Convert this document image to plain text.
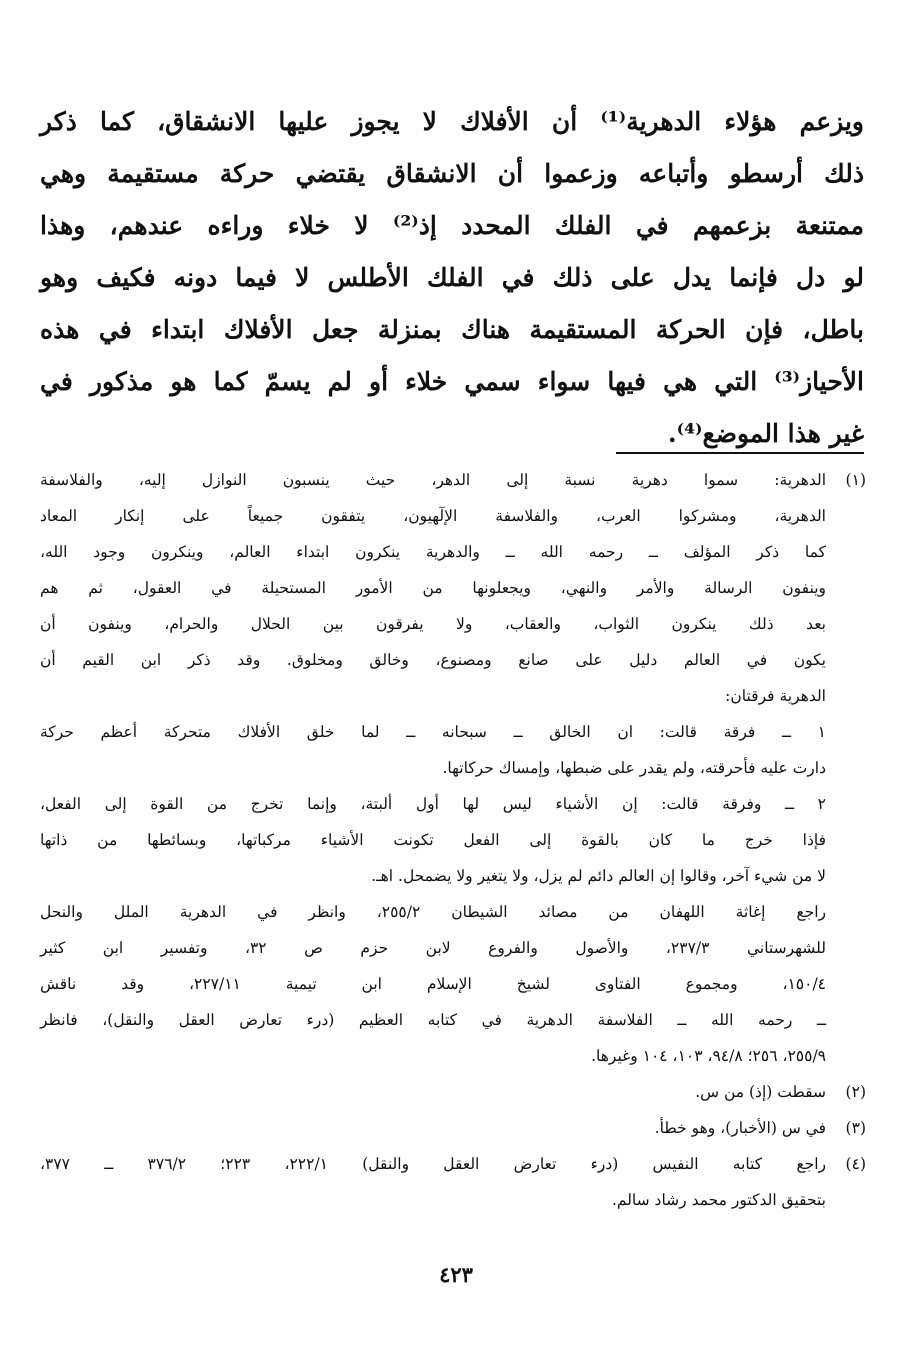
ويزعم هؤلاء الدهرية⁽¹⁾ أن الأفلاك لا يجوز عليها الانشقاق، كما ذكر
ذلك أرسطو وأتباعه وزعموا أن الانشقاق يقتضي حركة مستقيمة وهي
ممتنعة بزعمهم في الفلك المحدد إذ⁽²⁾ لا خلاء وراءه عندهم، وهذا
لو دل فإنما يدل على ذلك في الفلك الأطلس لا فيما دونه فكيف وهو
باطل، فإن الحركة المستقيمة هناك بمنزلة جعل الأفلاك ابتداء في هذه
الأحياز⁽³⁾ التي هي فيها سواء سمي خلاء أو لم يسمّ كما هو مذكور في
غير هذا الموضع⁽⁴⁾.
(١)
الدهرية: سموا دهرية نسبة إلى الدهر، حيث ينسبون النوازل إليه، والفلاسفة
الدهرية، ومشركوا العرب، والفلاسفة الإلٓهيون، يتفقون جميعاً على إنكار المعاد
كما ذكر المؤلف ــ رحمه الله ــ والدهرية ينكرون ابتداء العالم، وينكرون وجود الله،
وينفون الرسالة والأمر والنهي، ويجعلونها من الأمور المستحيلة في العقول، ثم هم
بعد ذلك ينكرون الثواب، والعقاب، ولا يفرقون بين الحلال والحرام، وينفون أن
يكون في العالم دليل على صانع ومصنوع، وخالق ومخلوق. وقد ذكر ابن القيم أن
الدهرية فرقتان:
١ ــ فرقة قالت: ان الخالق ــ سبحانه ــ لما خلق الأفلاك متحركة أعظم حركة
دارت عليه فأحرقته، ولم يقدر على ضبطها، وإمساك حركاتها.
٢ ــ وفرقة قالت: إن الأشياء ليس لها أول ألبتة، وإنما تخرج من القوة إلى الفعل،
فإذا خرج ما كان بالقوة إلى الفعل تكونت الأشياء مركباتها، وبسائطها من ذاتها
لا من شيء آخر، وقالوا إن العالم دائم لم يزل، ولا يتغير ولا يضمحل. اهـ.
راجع إغاثة اللهفان من مصائد الشيطان ٢٥٥/٢، وانظر في الدهرية الملل والنحل
للشهرستاني ٢٣٧/٣، والأصول والفروع لابن حزم ص ٣٢، وتفسير ابن كثير
١٥٠/٤، ومجموع الفتاوى لشيخ الإسلام ابن تيمية ٢٢٧/١١، وقد ناقش
ــ رحمه الله ــ الفلاسفة الدهرية في كتابه العظيم (درء تعارض العقل والنقل)، فانظر
٢٥٥/٩، ٢٥٦؛ ٩٤/٨، ١٠٣، ١٠٤ وغيرها.
(٢)
سقطت (إذ) من س.
(٣)
في س (الأخبار)، وهو خطأ.
(٤)
راجع كتابه النفيس (درء تعارض العقل والنقل) ٢٢٢/١، ٢٢٣؛ ٣٧٦/٢ ــ ٣٧٧،
بتحقيق الدكتور محمد رشاد سالم.
٤٢٣
